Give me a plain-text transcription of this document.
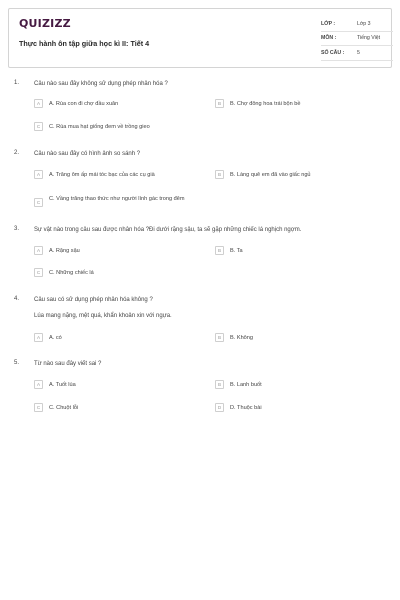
QUIZIZZ
Thực hành ôn tập giữa học kì II: Tiết 4
LỚP :	Lớp 3
MÔN :	Tiếng Việt
SỐ CÂU :	5
1. Câu nào sau đây không sử dụng phép nhân hóa ?
A	A. Rùa con đi chợ đầu xuân	B	B. Chợ đông hoa trái bộn bề
C	C. Rùa mua hạt giống đem về trồng gieo
2. Câu nào sau đây có hình ảnh so sánh ?
A	A. Trăng ôm ấp mái tóc bạc của các cụ già	B	B. Làng quê em đã vào giấc ngủ
C
C. Vầng trăng thao thức như người lính gác trong đêm
3. Sự vật nào trong câu sau được nhân hóa ?Đi dưới rặng sậu, ta sẽ gặp những chiếc lá nghịch ngợm.
A	A. Rặng sậu	B	B. Ta
C	C. Những chiếc lá
4. Câu sau có sử dụng phép nhân hóa không ?
Lúa mang nặng, mệt quá, khẩn khoản xin với ngựa.
A	A. có	B	B. Không
5. Từ nào sau đây viết sai ?
A	A. Tuốt lúa	B	B. Lanh buốt
C	C. Chuột lỗi	D	D. Thuộc bài
